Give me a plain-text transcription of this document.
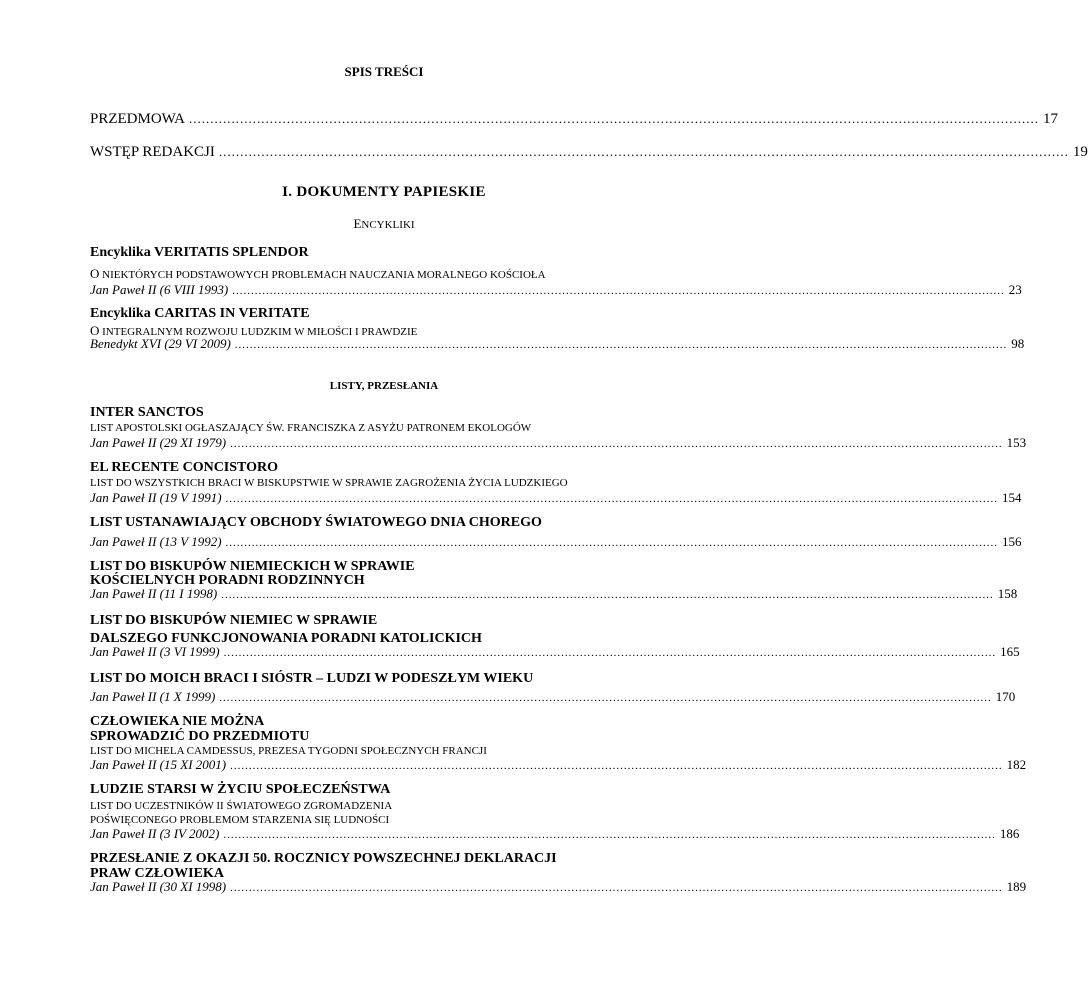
SPIS TREŚCI
PRZEDMOWA ........................................................................................................................................................................................................ 17
WSTĘP REDAKCJI ........................................................................................................................................................................................................ 19
I. DOKUMENTY PAPIESKIE
ENCYKLIKI
Encyklika VERITATIS SPLENDOR
O NIEKTÓRYCH PODSTAWOWYCH PROBLEMACH NAUCZANIA MORALNEGO KOŚCIOŁA
Jan Paweł II (6 VIII 1993) .............................................................................................................................................................................................................. 23
Encyklika CARITAS IN VERITATE
O INTEGRALNYM ROZWOJU LUDZKIM W MIŁOŚCI I PRAWDZIE
Benedykt XVI (29 VI 2009) .............................................................................................................................................................................................................. 98
LISTY, PRZESŁANIA
INTER SANCTOS
LIST APOSTOLSKI OGŁASZAJĄCY ŚW. FRANCISZKA Z ASYŻU PATRONEM EKOLOGÓW
Jan Paweł II (29 XI 1979) .............................................................................................................................................................................................................. 153
EL RECENTE CONCISTORO
LIST DO WSZYSTKICH BRACI W BISKUPSTWIE W SPRAWIE ZAGROŻENIA ŻYCIA LUDZKIEGO
Jan Paweł II (19 V 1991) .............................................................................................................................................................................................................. 154
LIST USTANAWIAJĄCY OBCHODY ŚWIATOWEGO DNIA CHOREGO
Jan Paweł II (13 V 1992) .............................................................................................................................................................................................................. 156
LIST DO BISKUPÓW NIEMIECKICH W SPRAWIE
KOŚCIELNYCH PORADNI RODZINNYCH
Jan Paweł II (11 I 1998) .............................................................................................................................................................................................................. 158
LIST DO BISKUPÓW NIEMIEC W SPRAWIE
DALSZEGO FUNKCJONOWANIA PORADNI KATOLICKICH
Jan Paweł II (3 VI 1999) .............................................................................................................................................................................................................. 165
LIST DO MOICH BRACI I SIÓSTR – LUDZI W PODESZŁYM WIEKU
Jan Paweł II (1 X 1999) .............................................................................................................................................................................................................. 170
CZŁOWIEKA NIE MOŻNA
SPROWADZIĆ DO PRZEDMIOTU
LIST DO MICHELA CAMDESSUS, PREZESA TYGODNI SPOŁECZNYCH FRANCJI
Jan Paweł II (15 XI 2001) .............................................................................................................................................................................................................. 182
LUDZIE STARSI W ŻYCIU SPOŁECZEŃSTWA
LIST DO UCZESTNIKÓW II ŚWIATOWEGO ZGROMADZENIA
POŚWIĘCONEGO PROBLEMOM STARZENIA SIĘ LUDNOŚCI
Jan Paweł II (3 IV 2002) .............................................................................................................................................................................................................. 186
PRZESŁANIE Z OKAZJI 50. ROCZNICY POWSZECHNEJ DEKLARACJI
PRAW CZŁOWIEKA
Jan Paweł II (30 XI 1998) .............................................................................................................................................................................................................. 189
